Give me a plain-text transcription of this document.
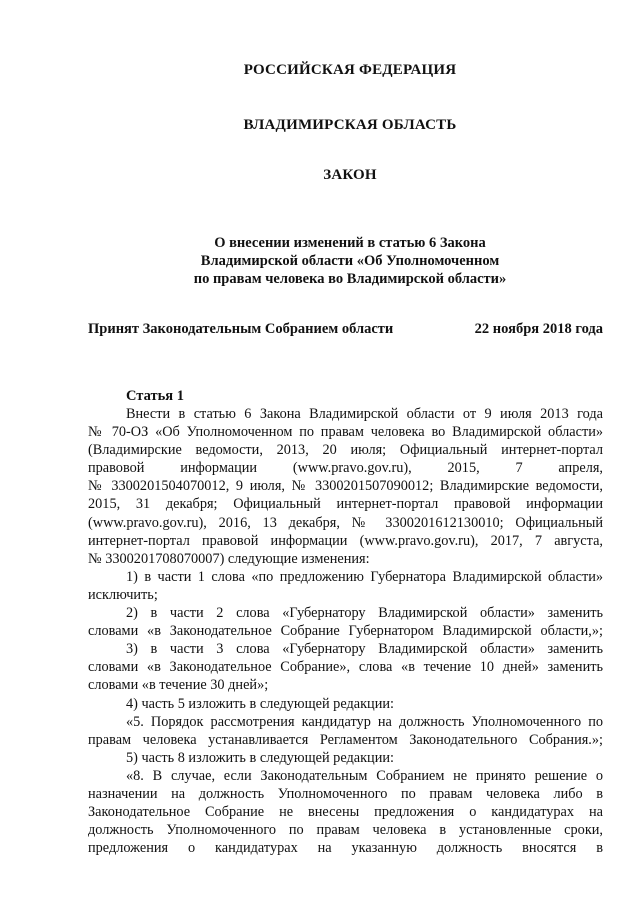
РОССИЙСКАЯ ФЕДЕРАЦИЯ
ВЛАДИМИРСКАЯ ОБЛАСТЬ
ЗАКОН
О внесении изменений в статью 6 Закона
Владимирской области «Об Уполномоченном
по правам человека во Владимирской области»
Принят Законодательным Собранием области	22 ноября 2018 года
Статья 1
Внести в статью 6 Закона Владимирской области от 9 июля 2013 года
№ 70-ОЗ «Об Уполномоченном по правам человека во Владимирской области»
(Владимирские ведомости, 2013, 20 июля; Официальный интернет-портал
правовой информации (www.pravo.gov.ru), 2015, 7 апреля,
№ 3300201504070012, 9 июля, № 3300201507090012; Владимирские ведомости,
2015, 31 декабря; Официальный интернет-портал правовой информации
(www.pravo.gov.ru), 2016, 13 декабря, № 3300201612130010; Официальный
интернет-портал правовой информации (www.pravo.gov.ru), 2017, 7 августа,
№ 3300201708070007) следующие изменения:
1) в части 1 слова «по предложению Губернатора Владимирской области»
исключить;
2) в части 2 слова «Губернатору Владимирской области» заменить
словами «в Законодательное Собрание Губернатором Владимирской области,»;
3) в части 3 слова «Губернатору Владимирской области» заменить
словами «в Законодательное Собрание», слова «в течение 10 дней» заменить
словами «в течение 30 дней»;
4) часть 5 изложить в следующей редакции:
«5. Порядок рассмотрения кандидатур на должность Уполномоченного по
правам человека устанавливается Регламентом Законодательного Собрания.»;
5) часть 8 изложить в следующей редакции:
«8. В случае, если Законодательным Собранием не принято решение о
назначении на должность Уполномоченного по правам человека либо в
Законодательное Собрание не внесены предложения о кандидатурах на
должность Уполномоченного по правам человека в установленные сроки,
предложения о кандидатурах на указанную должность вносятся в
